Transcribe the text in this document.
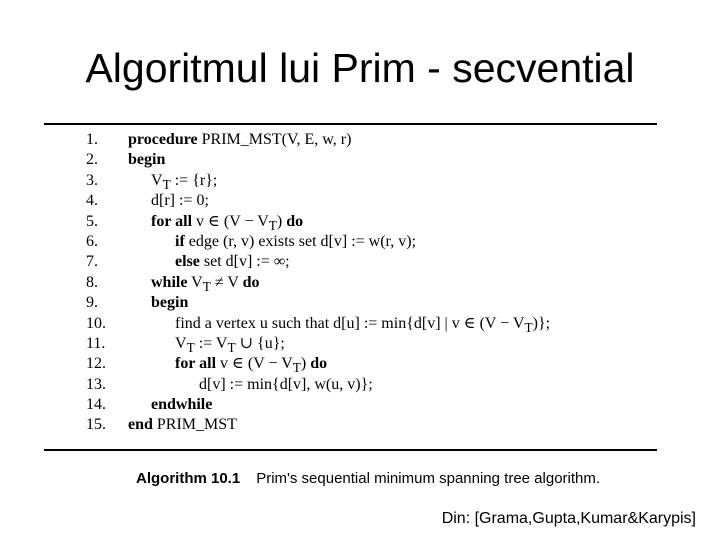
Algoritmul lui Prim - secvential
1. procedure PRIM_MST(V, E, w, r)
2. begin
3.	$V_T$ := {r};
4.	d[r] := 0;
5.	for all v ∈ $(V - V_T)$ do
6.	if edge (r, v) exists set d[v] := w(r, v);
7.	else set d[v] := ∞;
8.	while $V_T \ne V$ do
9.	begin
10.	find a vertex u such that d[u] := min{d[v] | v ∈ $(V - V_T)$};
11.	$V_T$ := $V_T$ ∪ {u};
12.	for all v ∈ $(V - V_T)$ do
13.	d[v] := min{d[v], w(u, v)};
14.	endwhile
15. end PRIM_MST
Algorithm 10.1 Prim's sequential minimum spanning tree algorithm.
Din: [Grama,Gupta,Kumar&Karypis]
